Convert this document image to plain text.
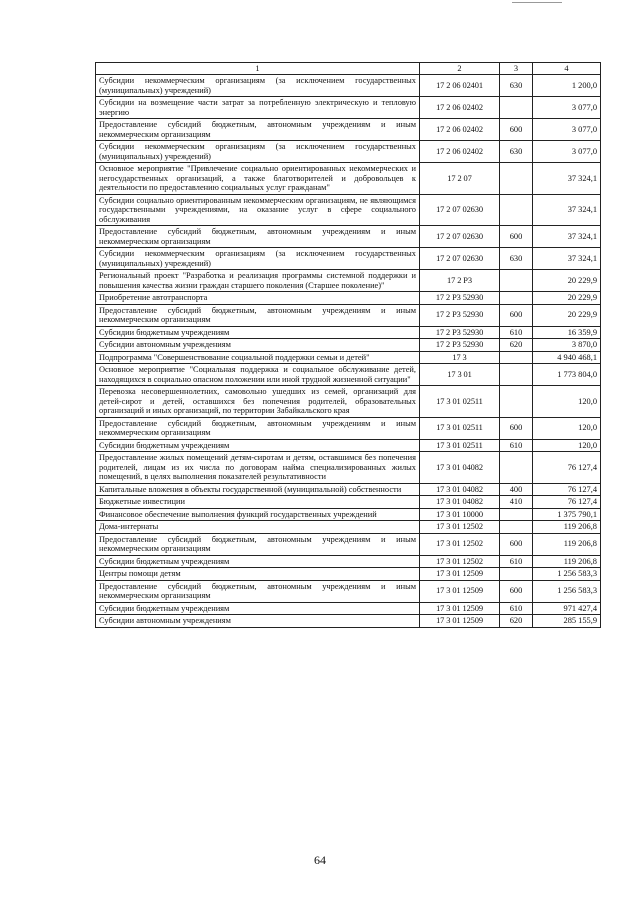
1	2	3	4
Субсидии некоммерческим организациям (за исключением государственных (муниципальных) учреждений)	17 2 06 02401	630	1 200,0
Субсидии на возмещение части затрат за потребленную электрическую и тепловую энергию	17 2 06 02402		3 077,0
Предоставление субсидий бюджетным, автономным учреждениям и иным некоммерческим организациям	17 2 06 02402	600	3 077,0
Субсидии некоммерческим организациям (за исключением государственных (муниципальных) учреждений)	17 2 06 02402	630	3 077,0
Основное мероприятие "Привлечение социально ориентированных некоммерческих и негосударственных организаций, а также благотворителей и добровольцев к деятельности по предоставлению социальных услуг гражданам"	17 2 07		37 324,1
Субсидии социально ориентированным некоммерческим организациям, не являющимся государственными учреждениями, на оказание услуг в сфере социального обслуживания	17 2 07 02630		37 324,1
Предоставление субсидий бюджетным, автономным учреждениям и иным некоммерческим организациям	17 2 07 02630	600	37 324,1
Субсидии некоммерческим организациям (за исключением государственных (муниципальных) учреждений)	17 2 07 02630	630	37 324,1
Региональный проект "Разработка и реализация программы системной поддержки и повышения качества жизни граждан старшего поколения (Старшее поколение)"	17 2 P3		20 229,9
Приобретение автотранспорта	17 2 P3 52930		20 229,9
Предоставление субсидий бюджетным, автономным учреждениям и иным некоммерческим организациям	17 2 P3 52930	600	20 229,9
Субсидии бюджетным учреждениям	17 2 P3 52930	610	16 359,9
Субсидии автономным учреждениям	17 2 P3 52930	620	3 870,0
Подпрограмма "Совершенствование социальной поддержки семьи и детей"	17 3		4 940 468,1
Основное мероприятие "Социальная поддержка и социальное обслуживание детей, находящихся в социально опасном положении или иной трудной жизненной ситуации"	17 3 01		1 773 804,0
Перевозка несовершеннолетних, самовольно ушедших из семей, организаций для детей-сирот и детей, оставшихся без попечения родителей, образовательных организаций и иных организаций, по территории Забайкальского края	17 3 01 02511		120,0
Предоставление субсидий бюджетным, автономным учреждениям и иным некоммерческим организациям	17 3 01 02511	600	120,0
Субсидии бюджетным учреждениям	17 3 01 02511	610	120,0
Предоставление жилых помещений детям-сиротам и детям, оставшимся без попечения родителей, лицам из их числа по договорам найма специализированных жилых помещений, в целях выполнения показателей результативности	17 3 01 04082		76 127,4
Капитальные вложения в объекты государственной (муниципальной) собственности	17 3 01 04082	400	76 127,4
Бюджетные инвестиции	17 3 01 04082	410	76 127,4
Финансовое обеспечение выполнения функций государственных учреждений	17 3 01 10000		1 375 790,1
Дома-интернаты	17 3 01 12502		119 206,8
Предоставление субсидий бюджетным, автономным учреждениям и иным некоммерческим организациям	17 3 01 12502	600	119 206,8
Субсидии бюджетным учреждениям	17 3 01 12502	610	119 206,8
Центры помощи детям	17 3 01 12509		1 256 583,3
Предоставление субсидий бюджетным, автономным учреждениям и иным некоммерческим организациям	17 3 01 12509	600	1 256 583,3
Субсидии бюджетным учреждениям	17 3 01 12509	610	971 427,4
Субсидии автономным учреждениям	17 3 01 12509	620	285 155,9
64
